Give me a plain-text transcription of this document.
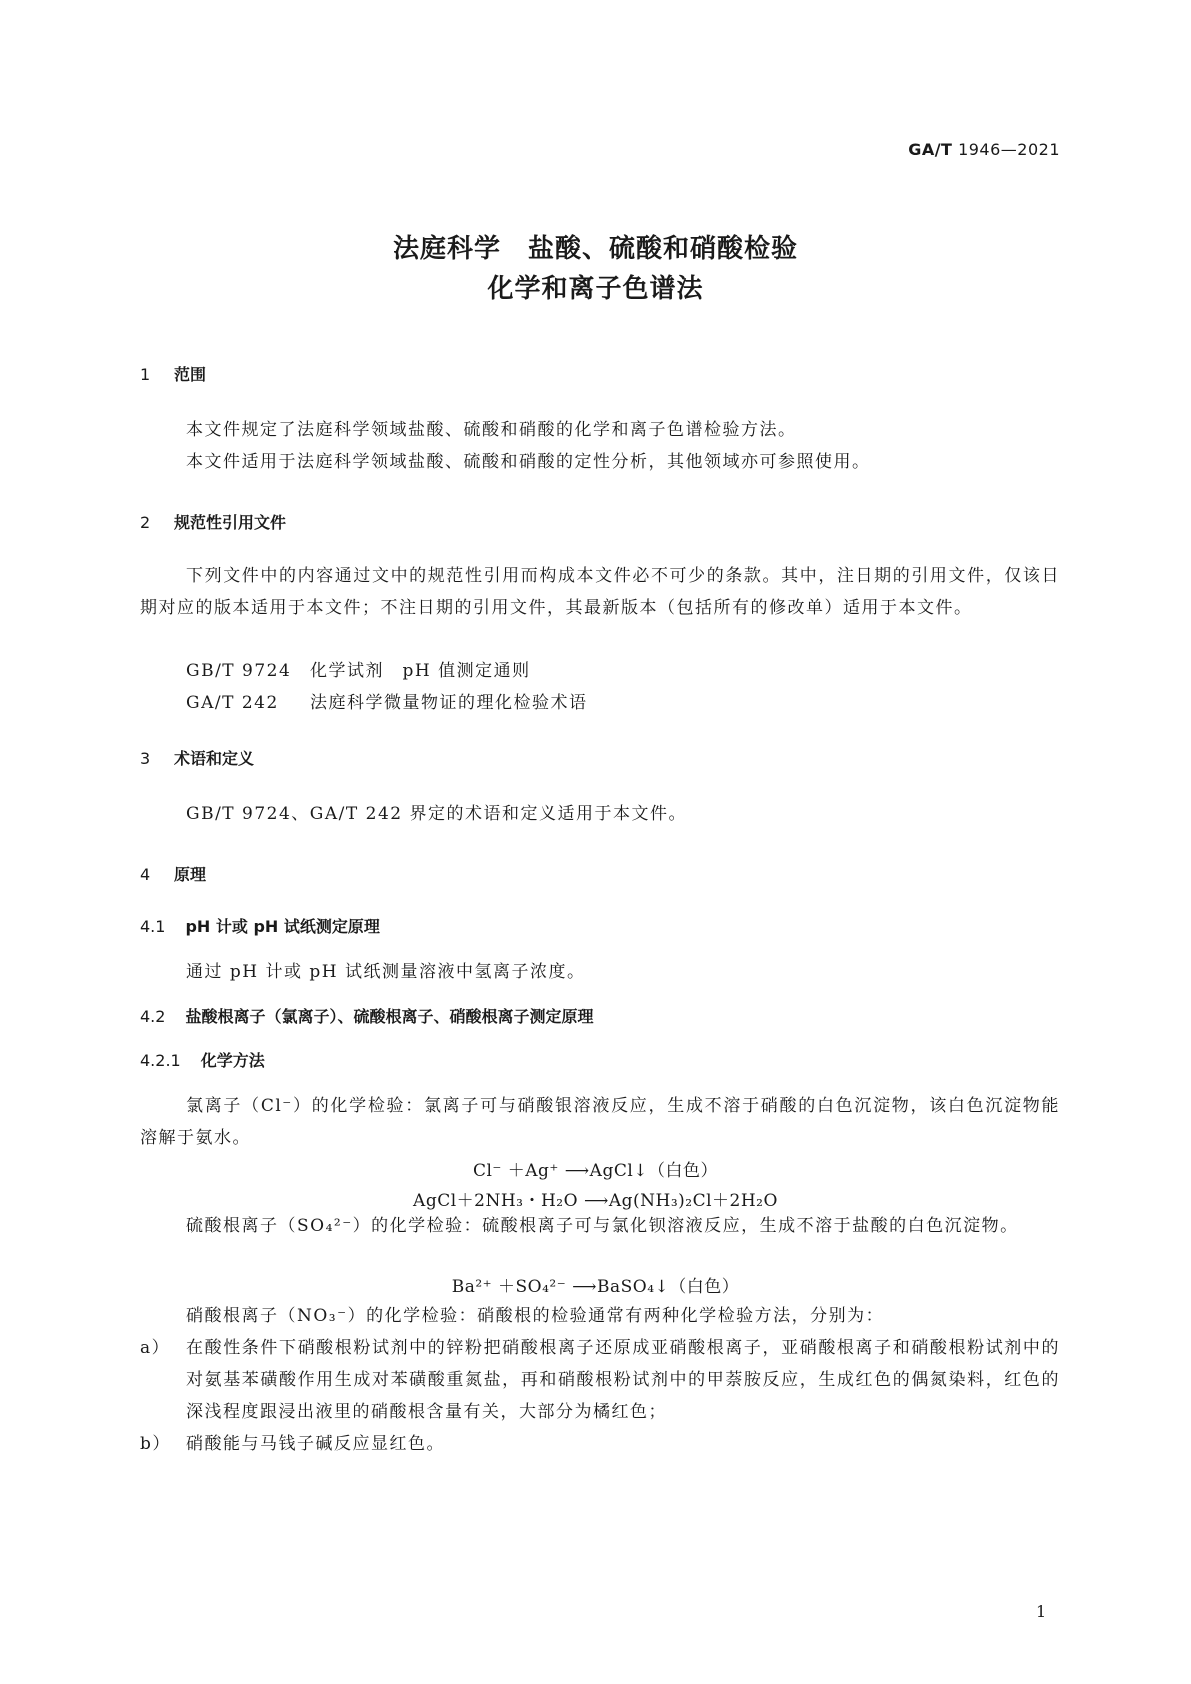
GA/T 1946—2021
法庭科学　盐酸、硫酸和硝酸检验
化学和离子色谱法
1 范围
本文件规定了法庭科学领域盐酸、硫酸和硝酸的化学和离子色谱检验方法。
本文件适用于法庭科学领域盐酸、硫酸和硝酸的定性分析，其他领域亦可参照使用。
2 规范性引用文件
下列文件中的内容通过文中的规范性引用而构成本文件必不可少的条款。其中，注日期的引用文件，仅该日期对应的版本适用于本文件；不注日期的引用文件，其最新版本（包括所有的修改单）适用于本文件。
GB/T 9724 化学试剂　pH 值测定通则
GA/T 242 法庭科学微量物证的理化检验术语
3 术语和定义
GB/T 9724、GA/T 242 界定的术语和定义适用于本文件。
4 原理
4.1 pH 计或 pH 试纸测定原理
通过 pH 计或 pH 试纸测量溶液中氢离子浓度。
4.2 盐酸根离子（氯离子）、硫酸根离子、硝酸根离子测定原理
4.2.1 化学方法
氯离子（Cl⁻）的化学检验：氯离子可与硝酸银溶液反应，生成不溶于硝酸的白色沉淀物，该白色沉淀物能溶解于氨水。
Cl⁻ ＋Ag⁺ ⟶AgCl↓（白色）
AgCl＋2NH₃・H₂O ⟶Ag(NH₃)₂Cl＋2H₂O
硫酸根离子（SO₄²⁻）的化学检验：硫酸根离子可与氯化钡溶液反应，生成不溶于盐酸的白色沉淀物。
Ba²⁺ ＋SO₄²⁻ ⟶BaSO₄↓（白色）
硝酸根离子（NO₃⁻）的化学检验：硝酸根的检验通常有两种化学检验方法，分别为：
a） 在酸性条件下硝酸根粉试剂中的锌粉把硝酸根离子还原成亚硝酸根离子，亚硝酸根离子和硝酸根粉试剂中的对氨基苯磺酸作用生成对苯磺酸重氮盐，再和硝酸根粉试剂中的甲萘胺反应，生成红色的偶氮染料，红色的深浅程度跟浸出液里的硝酸根含量有关，大部分为橘红色；
b） 硝酸能与马钱子碱反应显红色。
1
